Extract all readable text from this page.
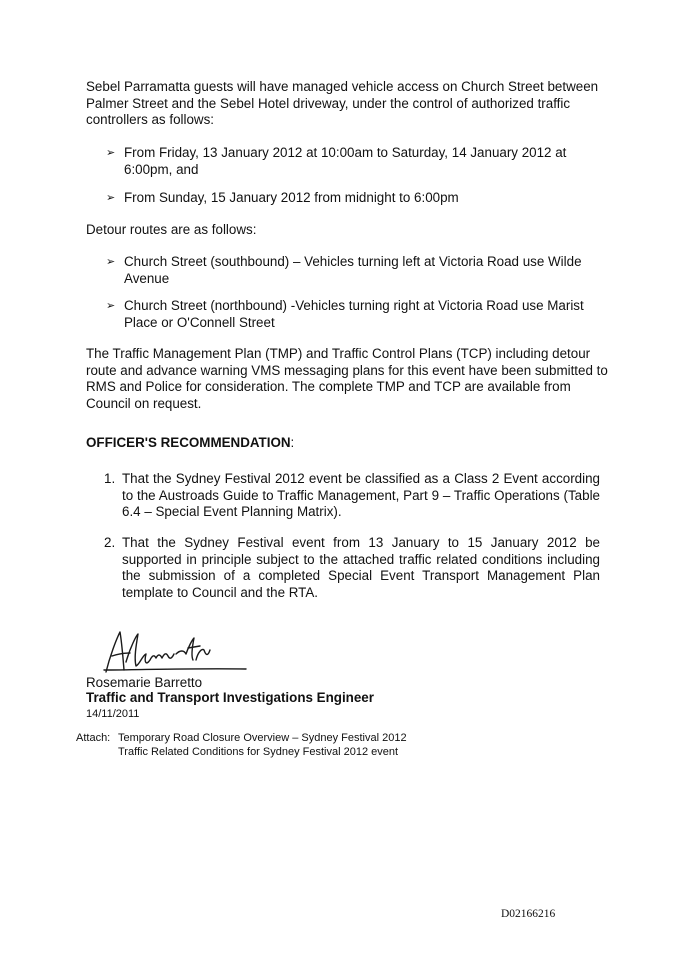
Sebel Parramatta guests will have managed vehicle access on Church Street between Palmer Street and the Sebel Hotel driveway, under the control of authorized traffic controllers as follows:

➢ From Friday, 13 January 2012 at 10:00am to Saturday, 14 January 2012 at 6:00pm, and
➢ From Sunday, 15 January 2012 from midnight to 6:00pm

Detour routes are as follows:

➢ Church Street (southbound) – Vehicles turning left at Victoria Road use Wilde Avenue
➢ Church Street (northbound) -Vehicles turning right at Victoria Road use Marist Place or O'Connell Street

The Traffic Management Plan (TMP) and Traffic Control Plans (TCP) including detour route and advance warning VMS messaging plans for this event have been submitted to RMS and Police for consideration. The complete TMP and TCP are available from Council on request.

OFFICER'S RECOMMENDATION:
1. That the Sydney Festival 2012 event be classified as a Class 2 Event according to the Austroads Guide to Traffic Management, Part 9 – Traffic Operations (Table 6.4 – Special Event Planning Matrix).
2. That the Sydney Festival event from 13 January to 15 January 2012 be supported in principle subject to the attached traffic related conditions including the submission of a completed Special Event Transport Management Plan template to Council and the RTA.
Rosemarie Barretto
Traffic and Transport Investigations Engineer
14/11/2011
Attach: Temporary Road Closure Overview – Sydney Festival 2012
Traffic Related Conditions for Sydney Festival 2012 event
D02166216
